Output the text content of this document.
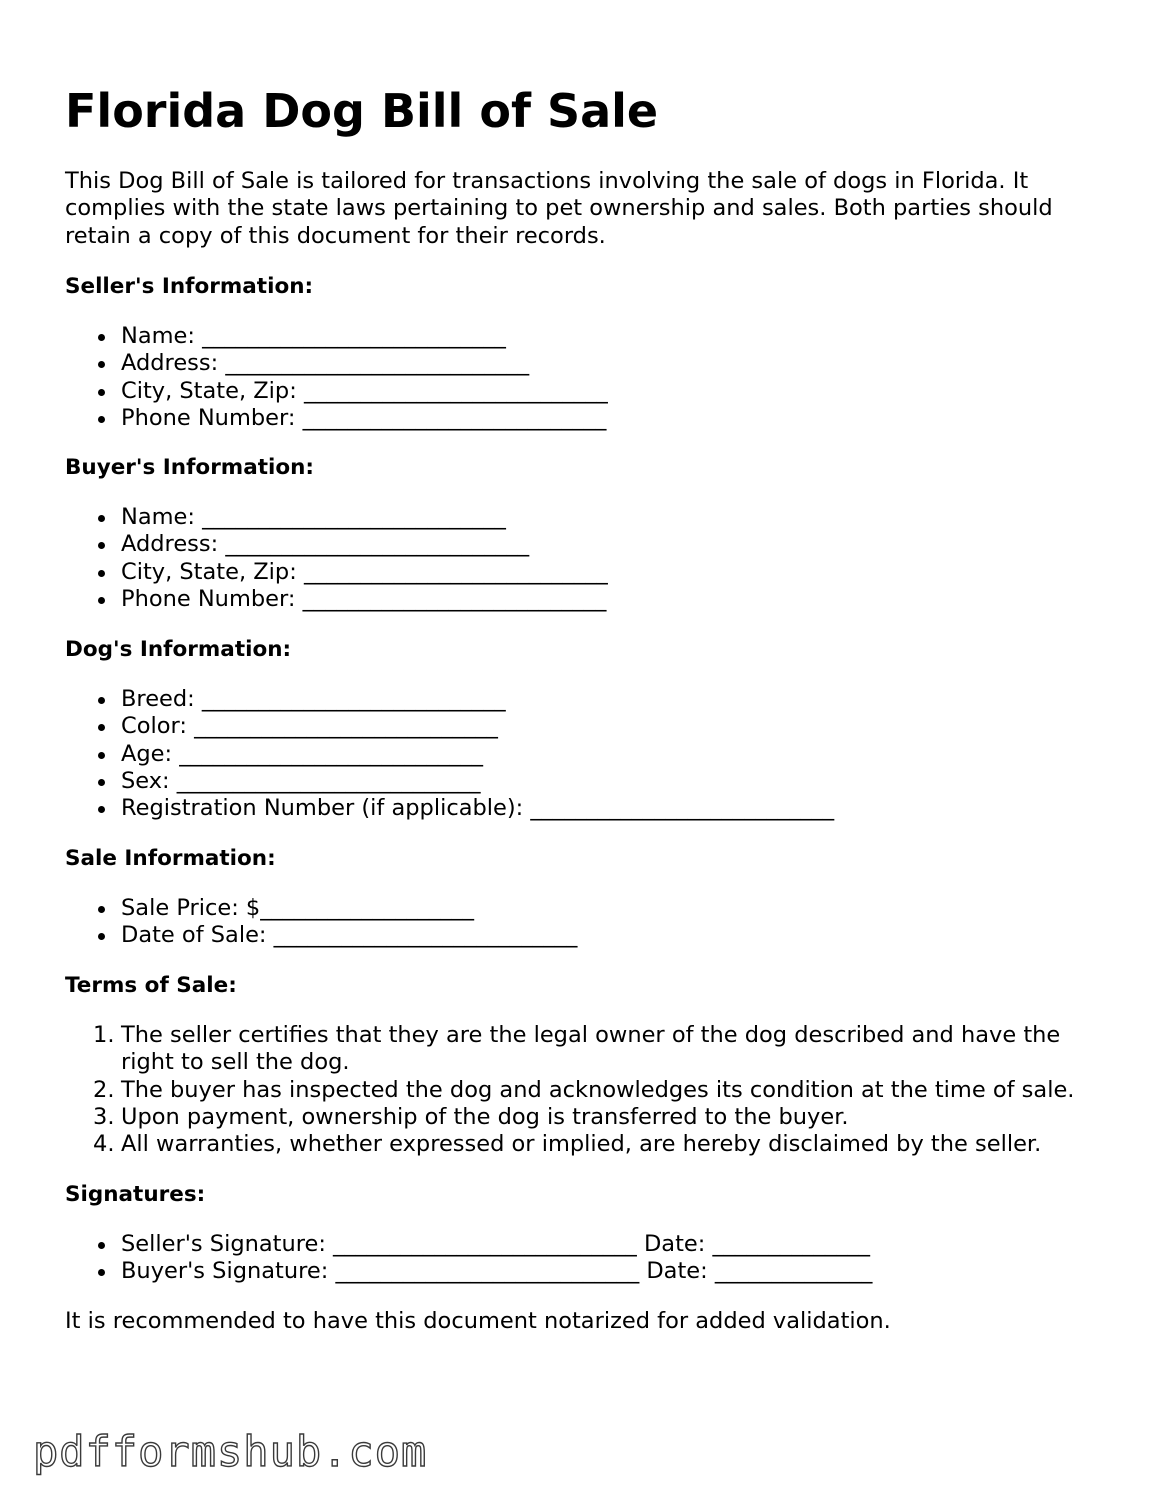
Florida Dog Bill of Sale

This Dog Bill of Sale is tailored for transactions involving the sale of dogs in Florida. It complies with the state laws pertaining to pet ownership and sales. Both parties should retain a copy of this document for their records.

Seller's Information:
Name: ___________________________
Address: ___________________________
City, State, Zip: ___________________________
Phone Number: ___________________________
Buyer's Information:
Name: ___________________________
Address: ___________________________
City, State, Zip: ___________________________
Phone Number: ___________________________
Dog's Information:
Breed: ___________________________
Color: ___________________________
Age: ___________________________
Sex: ___________________________
Registration Number (if applicable): ___________________________
Sale Information:
Sale Price: $___________________
Date of Sale: ___________________________
Terms of Sale:
1. The seller certifies that they are the legal owner of the dog described and have the right to sell the dog.
2. The buyer has inspected the dog and acknowledges its condition at the time of sale.
3. Upon payment, ownership of the dog is transferred to the buyer.
4. All warranties, whether expressed or implied, are hereby disclaimed by the seller.
Signatures:
Seller's Signature: ___________________________ Date: ______________
Buyer's Signature: ___________________________ Date: ______________

It is recommended to have this document notarized for added validation.

pdfformshub.com
